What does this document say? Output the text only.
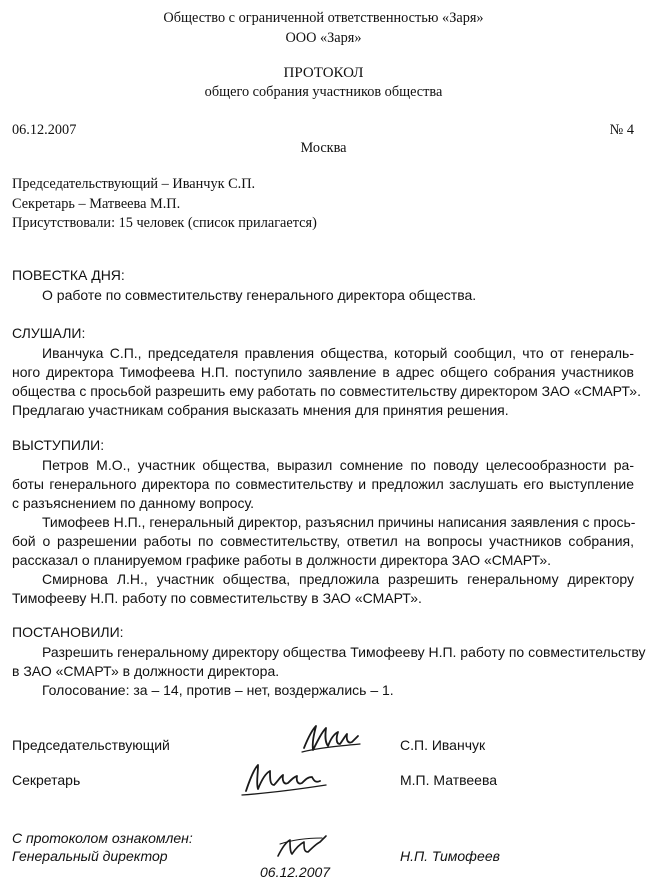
Общество с ограниченной ответственностью «Заря»
ООО «Заря»
ПРОТОКОЛ
общего собрания участников общества
06.12.2007	№ 4
Москва
Председательствующий – Иванчук С.П.
Секретарь – Матвеева М.П.
Присутствовали: 15 человек (список прилагается)
ПОВЕСТКА ДНЯ:
О работе по совместительству генерального директора общества.
СЛУШАЛИ:
Иванчука С.П., председателя правления общества, который сообщил, что от генераль-
ного директора Тимофеева Н.П. поступило заявление в адрес общего собрания участников
общества с просьбой разрешить ему работать по совместительству директором ЗАО «СМАРТ».
Предлагаю участникам собрания высказать мнения для принятия решения.
ВЫСТУПИЛИ:
Петров М.О., участник общества, выразил сомнение по поводу целесообразности ра-
боты генерального директора по совместительству и предложил заслушать его выступление
с разъяснением по данному вопросу.
Тимофеев Н.П., генеральный директор, разъяснил причины написания заявления с прось-
бой о разрешении работы по совместительству, ответил на вопросы участников собрания,
рассказал о планируемом графике работы в должности директора ЗАО «СМАРТ».
Смирнова Л.Н., участник общества, предложила разрешить генеральному директору
Тимофееву Н.П. работу по совместительству в ЗАО «СМАРТ».
ПОСТАНОВИЛИ:
Разрешить генеральному директору общества Тимофееву Н.П. работу по совместительству
в ЗАО «СМАРТ» в должности директора.
Голосование: за – 14, против – нет, воздержались – 1.
Председательствующий	С.П. Иванчук
Секретарь	М.П. Матвеева
С протоколом ознакомлен:
Генеральный директор	Н.П. Тимофеев
06.12.2007
